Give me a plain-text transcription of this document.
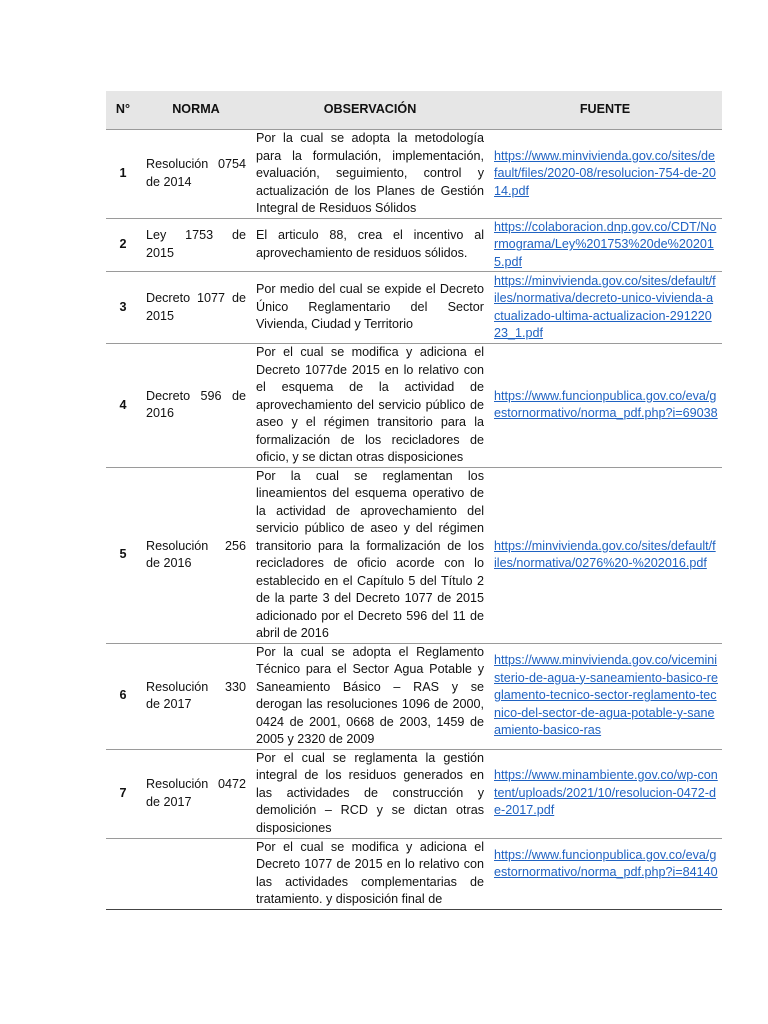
N°	NORMA	OBSERVACIÓN	FUENTE
1	Resolución 0754 de 2014	Por la cual se adopta la metodología para la formulación, implementación, evaluación, seguimiento, control y actualización de los Planes de Gestión Integral de Residuos Sólidos	https://www.minvivienda.gov.co/sites/default/files/2020-08/resolucion-754-de-2014.pdf
2	Ley 1753 de 2015	El articulo 88, crea el incentivo al aprovechamiento de residuos sólidos.	https://colaboracion.dnp.gov.co/CDT/Normograma/Ley%201753%20de%202015.pdf
3	Decreto 1077 de 2015	Por medio del cual se expide el Decreto Único Reglamentario del Sector Vivienda, Ciudad y Territorio	https://minvivienda.gov.co/sites/default/files/normativa/decreto-unico-vivienda-actualizado-ultima-actualizacion-29122023_1.pdf
4	Decreto 596 de 2016	Por el cual se modifica y adiciona el Decreto 1077de 2015 en lo relativo con el esquema de la actividad de aprovechamiento del servicio público de aseo y el régimen transitorio para la formalización de los recicladores de oficio, y se dictan otras disposiciones	https://www.funcionpublica.gov.co/eva/gestornormativo/norma_pdf.php?i=69038
5	Resolución 256 de 2016	Por la cual se reglamentan los lineamientos del esquema operativo de la actividad de aprovechamiento del servicio público de aseo y del régimen transitorio para la formalización de los recicladores de oficio acorde con lo establecido en el Capítulo 5 del Título 2 de la parte 3 del Decreto 1077 de 2015 adicionado por el Decreto 596 del 11 de abril de 2016	https://minvivienda.gov.co/sites/default/files/normativa/0276%20-%202016.pdf
6	Resolución 330 de 2017	Por la cual se adopta el Reglamento Técnico para el Sector Agua Potable y Saneamiento Básico – RAS y se derogan las resoluciones 1096 de 2000, 0424 de 2001, 0668 de 2003, 1459 de 2005 y 2320 de 2009	https://www.minvivienda.gov.co/viceministerio-de-agua-y-saneamiento-basico-reglamento-tecnico-sector-reglamento-tecnico-del-sector-de-agua-potable-y-saneamiento-basico-ras
7	Resolución 0472 de 2017	Por el cual se reglamenta la gestión integral de los residuos generados en las actividades de construcción y demolición – RCD y se dictan otras disposiciones	https://www.minambiente.gov.co/wp-content/uploads/2021/10/resolucion-0472-de-2017.pdf

		Por el cual se modifica y adiciona el Decreto 1077 de 2015 en lo relativo con las actividades complementarias de tratamiento. y disposición final de	https://www.funcionpublica.gov.co/eva/gestornormativo/norma_pdf.php?i=84140
